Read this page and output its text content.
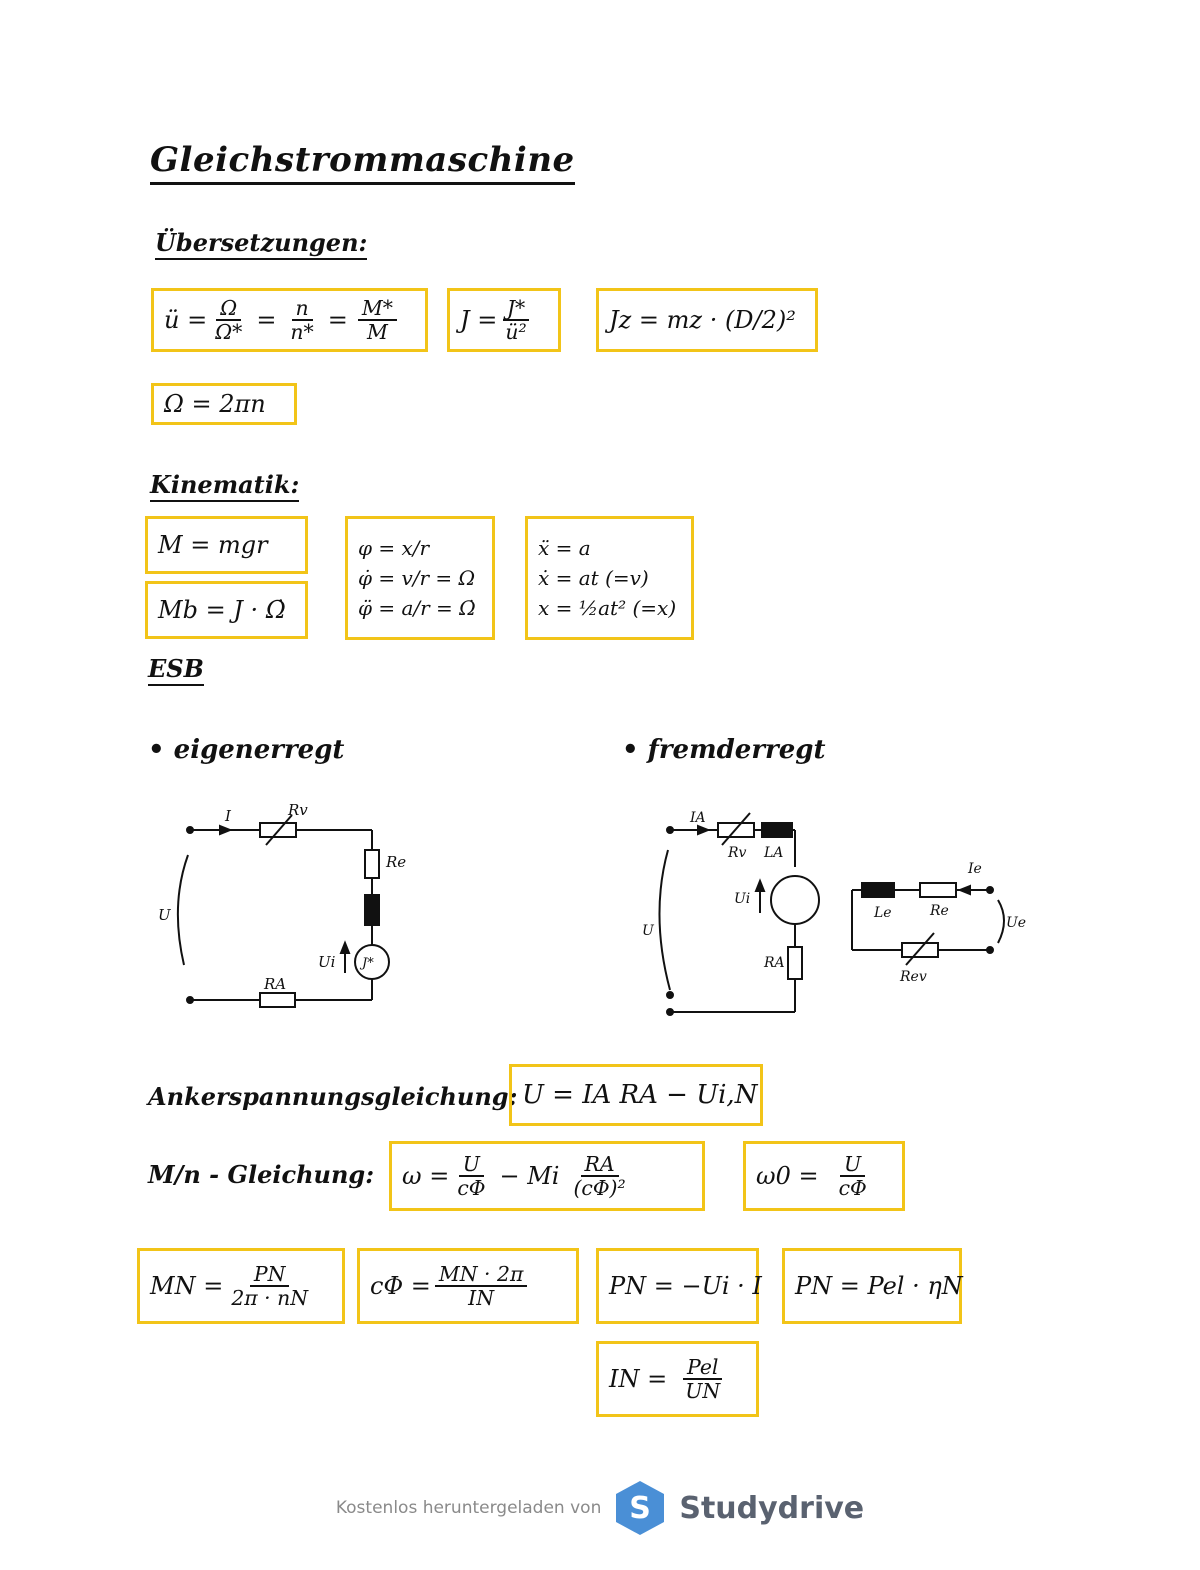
Gleichstrommaschine
Übersetzungen:
ü = $\frac{\Omega}{\Omega*} = \frac{n}{n*} = \frac{M*}{M}$	$J = \frac{J*}{\text{ü²}}$	Jz =
mz · (D/2)²
Ω = 2πn
Kinematik:
M = mgr
Mb = J · Ω̇
φ = x/r
φ̇ = v/r = Ω
φ̈ = a/r = Ω̇
ẍ = a
ẋ = at (=v)
x = ½at² (=x)
ESB
• eigenerregt	• fremderregt
I	Rv
Re
U
Ui
RA
J*
IA
Rv LA
Ui
U
RA
Ie
Le	Re
Ue
Rev
Ankerspannungsgleichung: U = IA RA − Ui,N
M/n - Gleichung: $\omega = \frac{U}{c\Phi} - Mi \frac{RA}{\text{(cΦ)²}}$	$\omega 0 = \frac{U}{c\Phi}$
MN = $\frac{PN}{2\pi \cdot nN}$ $c\Phi = \frac{MN \cdot 2\pi}{IN}$	PN = −Ui · I	PN = Pel · ηN
IN = $\frac{\text{Pel}}{UN}$
Kostenlos heruntergeladen von S Studydrive
